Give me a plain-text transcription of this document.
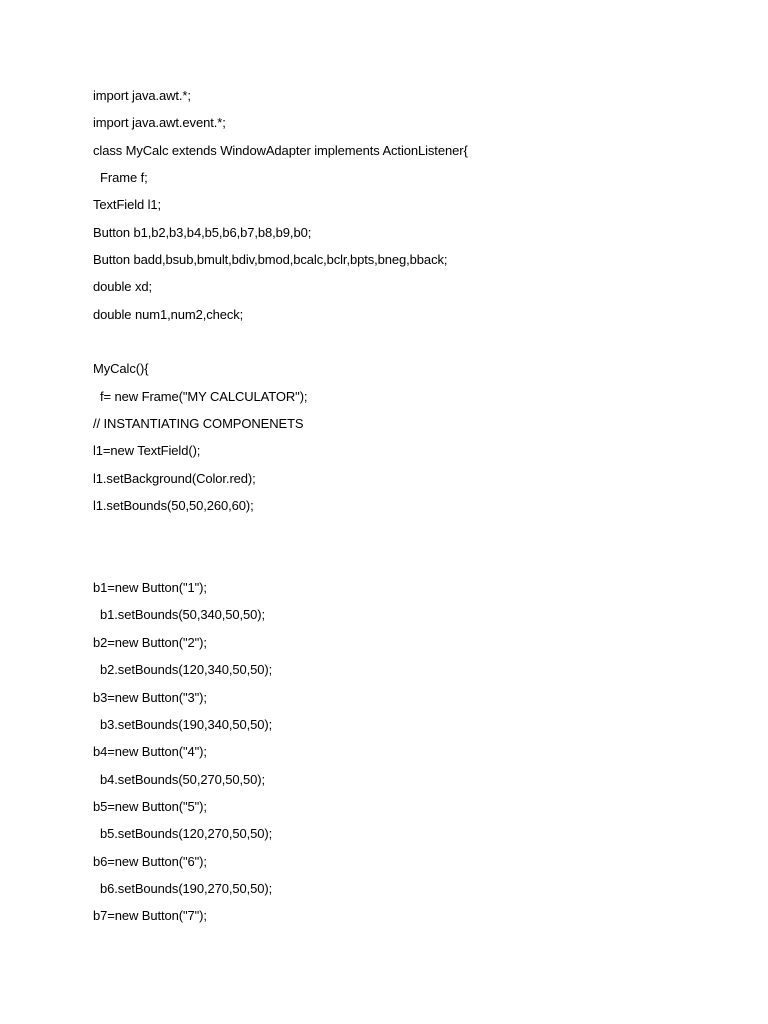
import java.awt.*;
import java.awt.event.*;
class MyCalc extends WindowAdapter implements ActionListener{
Frame f;
TextField l1;
Button b1,b2,b3,b4,b5,b6,b7,b8,b9,b0;
Button badd,bsub,bmult,bdiv,bmod,bcalc,bclr,bpts,bneg,bback;
double xd;
double num1,num2,check;
MyCalc(){
f= new Frame("MY CALCULATOR");
// INSTANTIATING COMPONENETS
l1=new TextField();
l1.setBackground(Color.red);
l1.setBounds(50,50,260,60);
b1=new Button("1");
b1.setBounds(50,340,50,50);
b2=new Button("2");
b2.setBounds(120,340,50,50);
b3=new Button("3");
b3.setBounds(190,340,50,50);
b4=new Button("4");
b4.setBounds(50,270,50,50);
b5=new Button("5");
b5.setBounds(120,270,50,50);
b6=new Button("6");
b6.setBounds(190,270,50,50);
b7=new Button("7");
